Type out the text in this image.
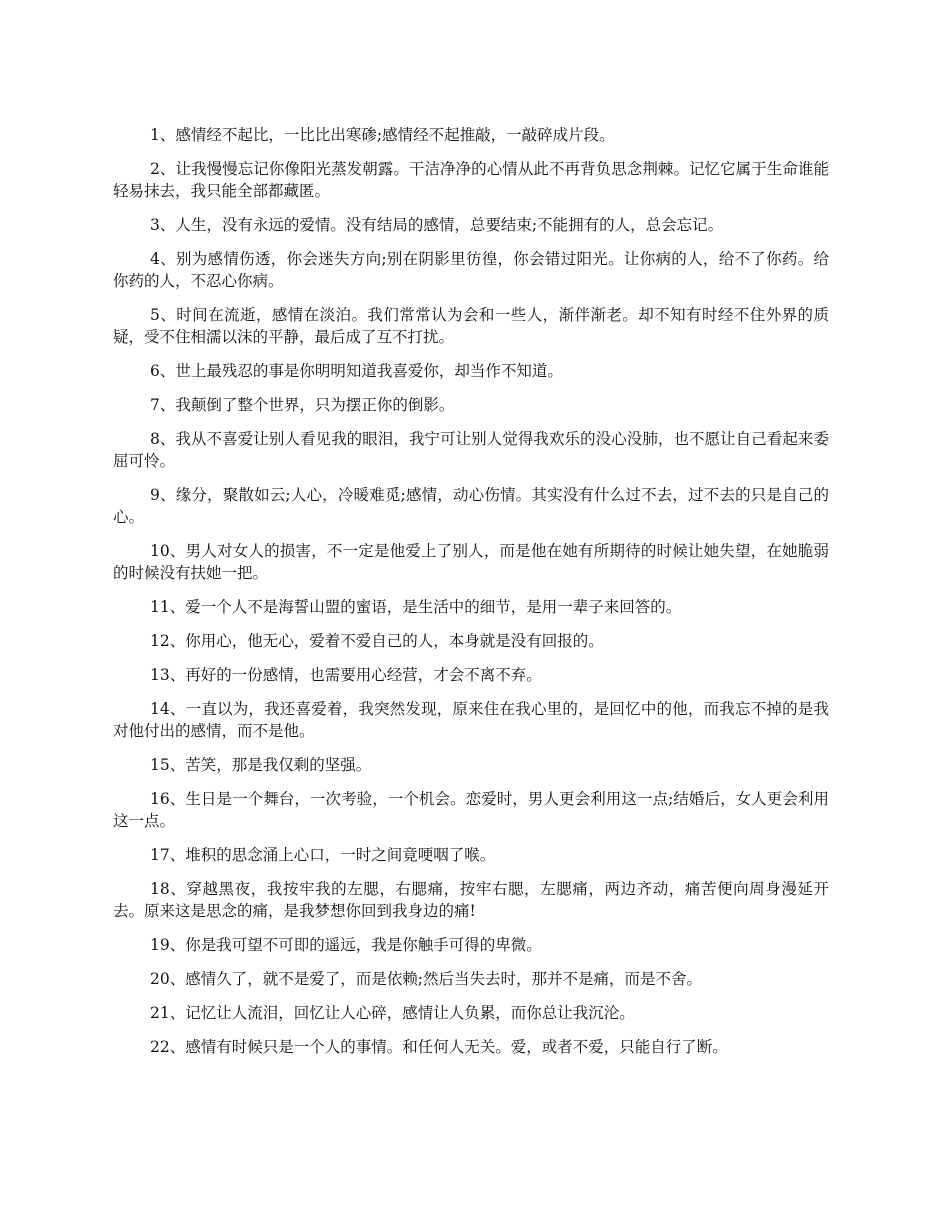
1、感情经不起比，一比比出寒碜;感情经不起推敲，一敲碎成片段。

2、让我慢慢忘记你像阳光蒸发朝露。干洁净净的心情从此不再背负思念荆棘。记忆它属于生命谁能轻易抹去，我只能全部都藏匿。

3、人生，没有永远的爱情。没有结局的感情，总要结束;不能拥有的人，总会忘记。

4、别为感情伤透，你会迷失方向;别在阴影里彷徨，你会错过阳光。让你病的人，给不了你药。给你药的人，不忍心你病。

5、时间在流逝，感情在淡泊。我们常常认为会和一些人，渐伴渐老。却不知有时经不住外界的质疑，受不住相濡以沫的平静，最后成了互不打扰。

6、世上最残忍的事是你明明知道我喜爱你，却当作不知道。

7、我颠倒了整个世界，只为摆正你的倒影。

8、我从不喜爱让别人看见我的眼泪，我宁可让别人觉得我欢乐的没心没肺，也不愿让自己看起来委屈可怜。

9、缘分，聚散如云;人心，冷暖难觅;感情，动心伤情。其实没有什么过不去，过不去的只是自己的心。

10、男人对女人的损害，不一定是他爱上了别人，而是他在她有所期待的时候让她失望，在她脆弱的时候没有扶她一把。

11、爱一个人不是海誓山盟的蜜语，是生活中的细节，是用一辈子来回答的。

12、你用心，他无心，爱着不爱自己的人，本身就是没有回报的。

13、再好的一份感情，也需要用心经营，才会不离不弃。

14、一直以为，我还喜爱着，我突然发现，原来住在我心里的，是回忆中的他，而我忘不掉的是我对他付出的感情，而不是他。

15、苦笑，那是我仅剩的坚强。

16、生日是一个舞台，一次考验，一个机会。恋爱时，男人更会利用这一点;结婚后，女人更会利用这一点。

17、堆积的思念涌上心口，一时之间竟哽咽了喉。

18、穿越黑夜，我按牢我的左腮，右腮痛，按牢右腮，左腮痛，两边齐动，痛苦便向周身漫延开去。原来这是思念的痛，是我梦想你回到我身边的痛!

19、你是我可望不可即的遥远，我是你触手可得的卑微。

20、感情久了，就不是爱了，而是依赖;然后当失去时，那并不是痛，而是不舍。

21、记忆让人流泪，回忆让人心碎，感情让人负累，而你总让我沉沦。

22、感情有时候只是一个人的事情。和任何人无关。爱，或者不爱，只能自行了断。
